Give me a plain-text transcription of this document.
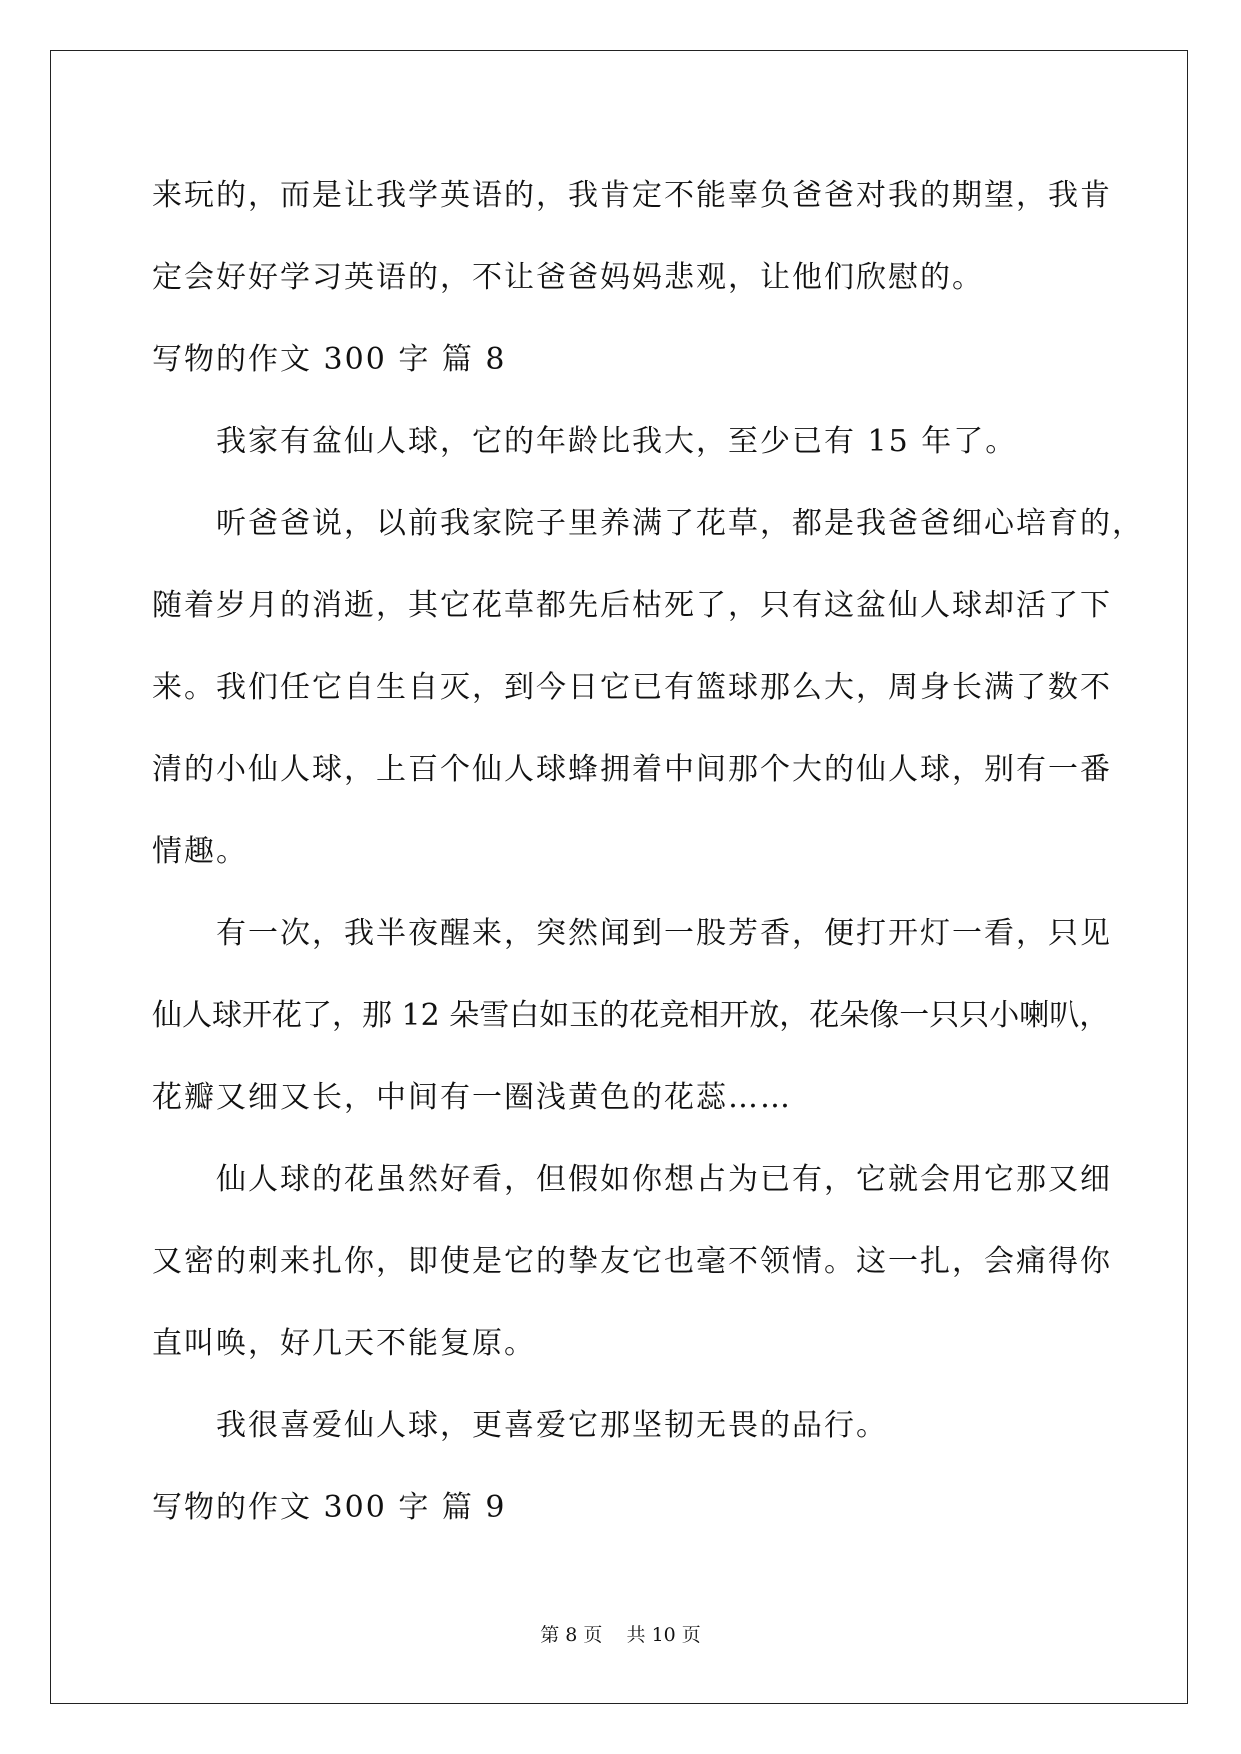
来玩的，而是让我学英语的，我肯定不能辜负爸爸对我的期望，我肯
定会好好学习英语的，不让爸爸妈妈悲观，让他们欣慰的。
写物的作文 300 字 篇 8
我家有盆仙人球，它的年龄比我大，至少已有 15 年了。
听爸爸说，以前我家院子里养满了花草，都是我爸爸细心培育的，
随着岁月的消逝，其它花草都先后枯死了，只有这盆仙人球却活了下
来。我们任它自生自灭，到今日它已有篮球那么大，周身长满了数不
清的小仙人球，上百个仙人球蜂拥着中间那个大的仙人球，别有一番
情趣。
有一次，我半夜醒来，突然闻到一股芳香，便打开灯一看，只见
仙人球开花了，那 12 朵雪白如玉的花竞相开放，花朵像一只只小喇叭，
花瓣又细又长，中间有一圈浅黄色的花蕊……
仙人球的花虽然好看，但假如你想占为已有，它就会用它那又细
又密的刺来扎你，即使是它的挚友它也毫不领情。这一扎，会痛得你
直叫唤，好几天不能复原。
我很喜爱仙人球，更喜爱它那坚韧无畏的品行。
写物的作文 300 字 篇 9
第 8 页    共 10 页
